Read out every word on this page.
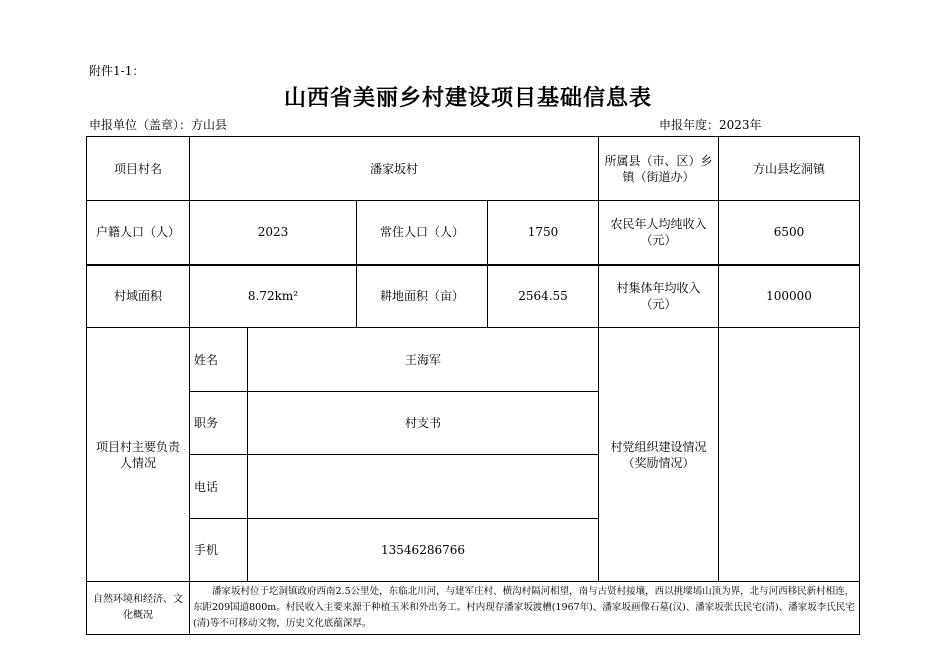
附件1-1：
山西省美丽乡村建设项目基础信息表
申报单位（盖章）：方山县	申报年度：2023年
项目村名	潘家坂村				所属县（市、区）乡镇（街道办）	方山县圪洞镇
户籍人口（人）	2023		常住人口（人）	1750	农民年人均纯收入（元）	6500
村域面积	8.72km²		耕地面积（亩）	2564.55	村集体年均收入（元）	100000
项目村主要负责人情况	姓名	王海军			村党组织建设情况（奖励情况）	
	职务	村支书				
	电话					
	手机	13546286766				
自然环境和经济、文化概况	潘家坂村位于圪洞镇政府西南2.5公里处，东临北川河，与建军庄村、横沟村隔河相望，南与古贤村接壤，西以挑墚墕山顶为界，北与河西移民新村相连，东距209国道800m。村民收入主要来源于种植玉米和外出务工。村内现存潘家坂渡槽(1967年)、潘家坂画像石墓(汉)、潘家坂张氏民宅(清)、潘家坂李氏民宅(清)等不可移动文物，历史文化底蕴深厚。					
